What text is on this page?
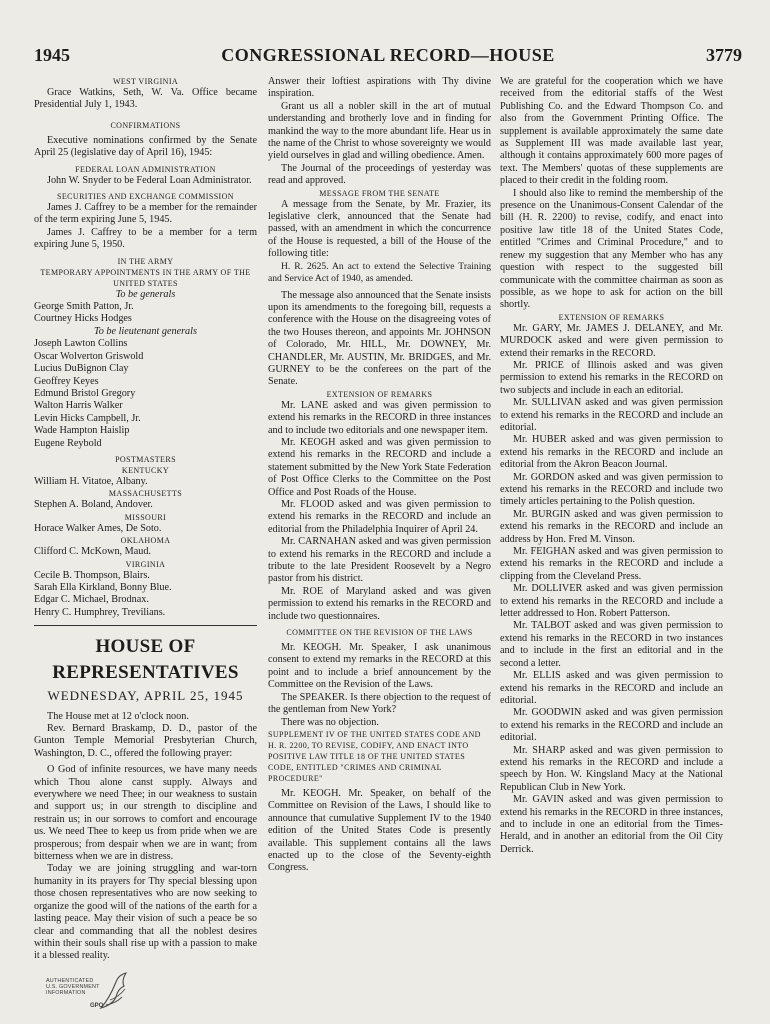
CONGRESSIONAL RECORD—HOUSE
1945	3779

WEST VIRGINIA

Grace Watkins, Seth, W. Va. Office became Presidential July 1, 1943.

CONFIRMATIONS

Executive nominations confirmed by the Senate April 25 (legislative day of April 16), 1945:

FEDERAL LOAN ADMINISTRATION

John W. Snyder to be Federal Loan Administrator.

SECURITIES AND EXCHANGE COMMISSION

James J. Caffrey to be a member for the remainder of the term expiring June 5, 1945.

James J. Caffrey to be a member for a term expiring June 5, 1950.

IN THE ARMY

TEMPORARY APPOINTMENTS IN THE ARMY OF THE UNITED STATES

To be generals

George Smith Patton, Jr.

Courtney Hicks Hodges

To be lieutenant generals

Joseph Lawton Collins

Oscar Wolverton Griswold

Lucius DuBignon Clay

Geoffrey Keyes

Edmund Bristol Gregory

Walton Harris Walker

Levin Hicks Campbell, Jr.

Wade Hampton Haislip

Eugene Reybold

POSTMASTERS

KENTUCKY

William H. Vitatoe, Albany.

MASSACHUSETTS

Stephen A. Boland, Andover.

MISSOURI

Horace Walker Ames, De Soto.

OKLAHOMA

Clifford C. McKown, Maud.

VIRGINIA

Cecile B. Thompson, Blairs.

Sarah Ella Kirkland, Bonny Blue.

Edgar C. Michael, Brodnax.

Henry C. Humphrey, Trevilians.

HOUSE OF REPRESENTATIVES
WEDNESDAY, APRIL 25, 1945

The House met at 12 o'clock noon.

Rev. Bernard Braskamp, D. D., pastor of the Gunton Temple Memorial Presbyterian Church, Washington, D. C., offered the following prayer:

O God of infinite resources, we have many needs which Thou alone canst supply. Always and everywhere we need Thee; in our weakness to sustain and support us; in our strength to discipline and restrain us; in our sorrows to comfort and encourage us. We need Thee to keep us from pride when we are prosperous; from despair when we are in want; from bitterness when we are in distress.

Today we are joining struggling and war-torn humanity in its prayers for Thy special blessing upon those chosen representatives who are now seeking to organize the good will of the nations of the earth for a lasting peace. May their vision of such a peace be so clear and commanding that all the noblest desires within their souls shall rise up with a passion to make it a blessed reality.

Answer their loftiest aspirations with Thy divine inspiration.

Grant us all a nobler skill in the art of mutual understanding and brotherly love and in finding for mankind the way to the more abundant life. Hear us in the name of the Christ to whose sovereignty we would yield ourselves in glad and willing obedience. Amen.

The Journal of the proceedings of yesterday was read and approved.

MESSAGE FROM THE SENATE

A message from the Senate, by Mr. Frazier, its legislative clerk, announced that the Senate had passed, with an amendment in which the concurrence of the House is requested, a bill of the House of the following title:

H. R. 2625. An act to extend the Selective Training and Service Act of 1940, as amended.

The message also announced that the Senate insists upon its amendments to the foregoing bill, requests a conference with the House on the disagreeing votes of the two Houses thereon, and appoints Mr. JOHNSON of Colorado, Mr. HILL, Mr. DOWNEY, Mr. CHANDLER, Mr. AUSTIN, Mr. BRIDGES, and Mr. GURNEY to be the conferees on the part of the Senate.

EXTENSION OF REMARKS

Mr. LANE asked and was given permission to extend his remarks in the RECORD in three instances and to include two editorials and one newspaper item.

Mr. KEOGH asked and was given permission to extend his remarks in the RECORD and include a statement submitted by the New York State Federation of Post Office Clerks to the Committee on the Post Office and Post Roads of the House.

Mr. FLOOD asked and was given permission to extend his remarks in the RECORD and include an editorial from the Philadelphia Inquirer of April 24.

Mr. CARNAHAN asked and was given permission to extend his remarks in the RECORD and include a tribute to the late President Roosevelt by a Negro pastor from his district.

Mr. ROE of Maryland asked and was given permission to extend his remarks in the RECORD and include two questionnaires.

COMMITTEE ON THE REVISION OF THE LAWS

Mr. KEOGH. Mr. Speaker, I ask unanimous consent to extend my remarks in the RECORD at this point and to include a brief announcement by the Committee on the Revision of the Laws.

The SPEAKER. Is there objection to the request of the gentleman from New York?

There was no objection.

SUPPLEMENT IV OF THE UNITED STATES CODE AND H. R. 2200, TO REVISE, CODIFY, AND ENACT INTO POSITIVE LAW TITLE 18 OF THE UNITED STATES CODE, ENTITLED "CRIMES AND CRIMINAL PROCEDURE"

Mr. KEOGH. Mr. Speaker, on behalf of the Committee on Revision of the Laws, I should like to announce that cumulative Supplement IV to the 1940 edition of the United States Code is presently available. This supplement contains all the laws enacted up to the close of the Seventy-eighth Congress.

We are grateful for the cooperation which we have received from the editorial staffs of the West Publishing Co. and the Edward Thompson Co. and also from the Government Printing Office. The supplement is available approximately the same date as Supplement III was made available last year, although it contains approximately 600 more pages of text. The Members' quotas of these supplements are placed to their credit in the folding room.

I should also like to remind the membership of the presence on the Unanimous-Consent Calendar of the bill (H. R. 2200) to revise, codify, and enact into positive law title 18 of the United States Code, entitled "Crimes and Criminal Procedure," and to renew my suggestion that any Member who has any question with respect to the suggested bill communicate with the committee chairman as soon as possible, as we hope to ask for action on the bill shortly.

EXTENSION OF REMARKS

Mr. GARY, Mr. JAMES J. DELANEY, and Mr. MURDOCK asked and were given permission to extend their remarks in the RECORD.

Mr. PRICE of Illinois asked and was given permission to extend his remarks in the RECORD on two subjects and include in each an editorial.

Mr. SULLIVAN asked and was given permission to extend his remarks in the RECORD and include an editorial.

Mr. HUBER asked and was given permission to extend his remarks in the RECORD and include an editorial from the Akron Beacon Journal.

Mr. GORDON asked and was given permission to extend his remarks in the RECORD and include two timely articles pertaining to the Polish question.

Mr. BURGIN asked and was given permission to extend his remarks in the RECORD and include an address by Hon. Fred M. Vinson.

Mr. FEIGHAN asked and was given permission to extend his remarks in the RECORD and include a clipping from the Cleveland Press.

Mr. DOLLIVER asked and was given permission to extend his remarks in the RECORD and include a letter addressed to Hon. Robert Patterson.

Mr. TALBOT asked and was given permission to extend his remarks in the RECORD in two instances and to include in the first an editorial and in the second a letter.

Mr. ELLIS asked and was given permission to extend his remarks in the RECORD and include an editorial.

Mr. GOODWIN asked and was given permission to extend his remarks in the RECORD and include an editorial.

Mr. SHARP asked and was given permission to extend his remarks in the RECORD and include a speech by Hon. W. Kingsland Macy at the National Republican Club in New York.

Mr. GAVIN asked and was given permission to extend his remarks in the RECORD in three instances, and to include in one an editorial from the Times-Herald, and in another an editorial from the Oil City Derrick.

AUTHENTICATED
U.S. GOVERNMENT
INFORMATION
GPO
